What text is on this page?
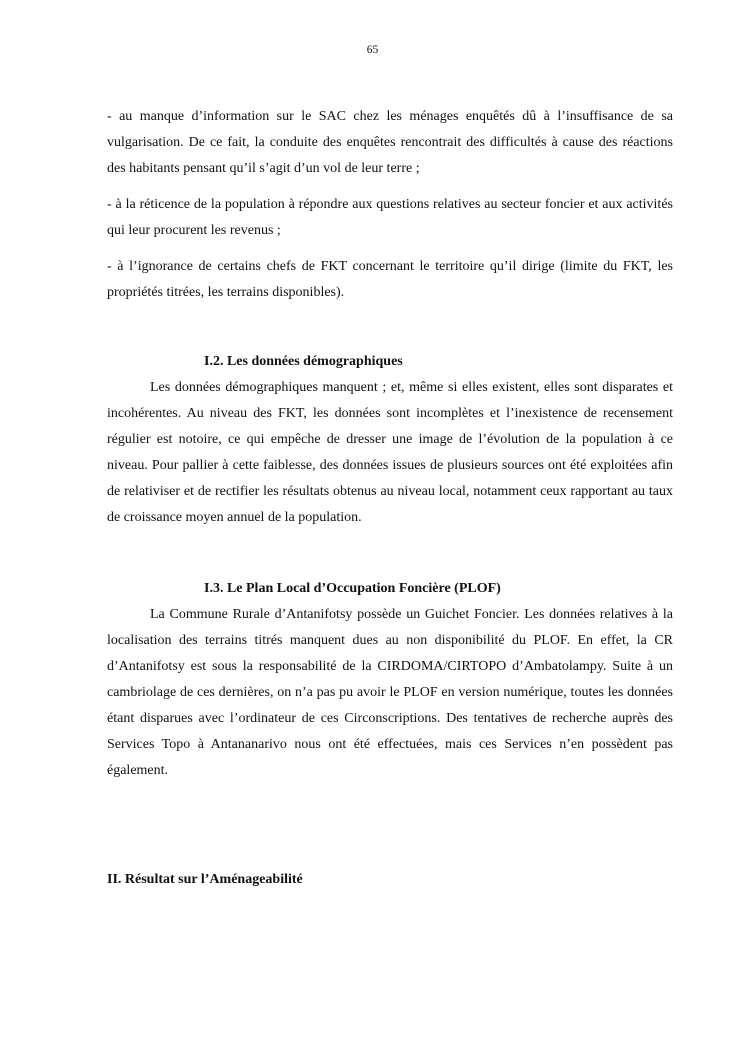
65

- au manque d’information sur le SAC chez les ménages enquêtés dû à l’insuffisance de sa vulgarisation. De ce fait, la conduite des enquêtes rencontrait des difficultés à cause des réactions des habitants pensant qu’il s’agit d’un vol de leur terre ;

- à la réticence de la population à répondre aux questions relatives au secteur foncier et aux activités qui leur procurent les revenus ;

- à l’ignorance de certains chefs de FKT concernant le territoire qu’il dirige (limite du FKT, les propriétés titrées, les terrains disponibles).

I.2. Les données démographiques

Les données démographiques manquent ; et, même si elles existent, elles sont disparates et incohérentes. Au niveau des FKT, les données sont incomplètes et l’inexistence de recensement régulier est notoire, ce qui empêche de dresser une image de l’évolution de la population à ce niveau. Pour pallier à cette faiblesse, des données issues de plusieurs sources ont été exploitées afin de relativiser et de rectifier les résultats obtenus au niveau local, notamment ceux rapportant au taux de croissance moyen annuel de la population.

I.3. Le Plan Local d’Occupation Foncière (PLOF)

La Commune Rurale d’Antanifotsy possède un Guichet Foncier. Les données relatives à la localisation des terrains titrés manquent dues au non disponibilité du PLOF. En effet, la CR d’Antanifotsy est sous la responsabilité de la CIRDOMA/CIRTOPO d’Ambatolampy. Suite à un cambriolage de ces dernières, on n’a pas pu avoir le PLOF en version numérique, toutes les données étant disparues avec l’ordinateur de ces Circonscriptions. Des tentatives de recherche auprès des Services Topo à Antananarivo nous ont été effectuées, mais ces Services n’en possèdent pas également.

II. Résultat sur l’Aménageabilité
